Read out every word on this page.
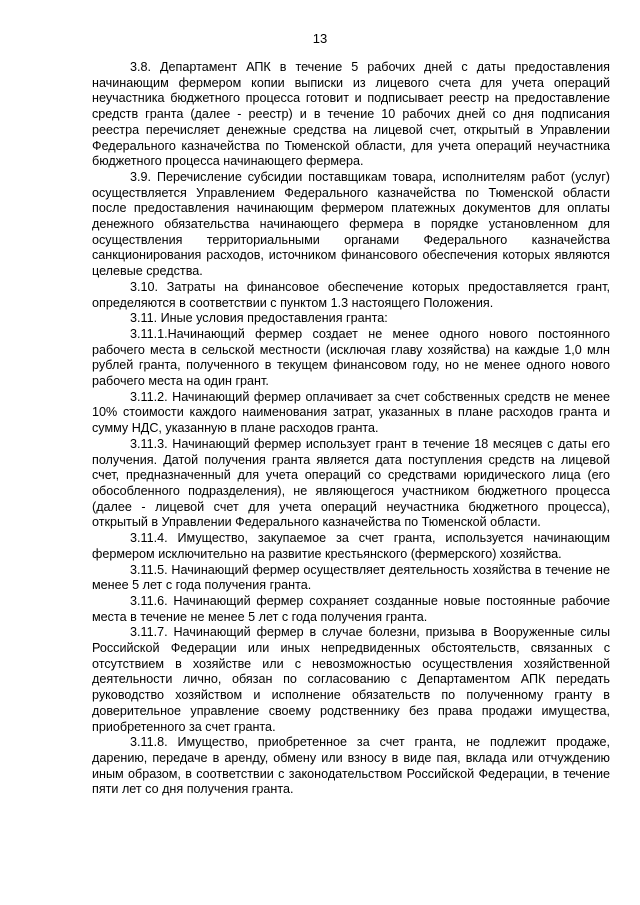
13

3.8. Департамент АПК в течение 5 рабочих дней с даты предоставления начинающим фермером копии выписки из лицевого счета для учета операций неучастника бюджетного процесса готовит и подписывает реестр на предоставление средств гранта (далее - реестр) и в течение 10 рабочих дней со дня подписания реестра перечисляет денежные средства на лицевой счет, открытый в Управлении Федерального казначейства по Тюменской области, для учета операций неучастника бюджетного процесса начинающего фермера.

3.9. Перечисление субсидии поставщикам товара, исполнителям работ (услуг) осуществляется Управлением Федерального казначейства по Тюменской области после предоставления начинающим фермером платежных документов для оплаты денежного обязательства начинающего фермера в порядке установленном для осуществления территориальными органами Федерального казначейства санкционирования расходов, источником финансового обеспечения которых являются целевые средства.

3.10. Затраты на финансовое обеспечение которых предоставляется грант, определяются в соответствии с пунктом 1.3 настоящего Положения.

3.11. Иные условия предоставления гранта:

3.11.1.Начинающий фермер создает не менее одного нового постоянного рабочего места в сельской местности (исключая главу хозяйства) на каждые 1,0 млн рублей гранта, полученного в текущем финансовом году, но не менее одного нового рабочего места на один грант.

3.11.2. Начинающий фермер оплачивает за счет собственных средств не менее 10% стоимости каждого наименования затрат, указанных в плане расходов гранта и сумму НДС, указанную в плане расходов гранта.

3.11.3. Начинающий фермер использует грант в течение 18 месяцев с даты его получения. Датой получения гранта является дата поступления средств на лицевой счет, предназначенный для учета операций со средствами юридического лица (его обособленного подразделения), не являющегося участником бюджетного процесса (далее - лицевой счет для учета операций неучастника бюджетного процесса), открытый в Управлении Федерального казначейства по Тюменской области.

3.11.4. Имущество, закупаемое за счет гранта, используется начинающим фермером исключительно на развитие крестьянского (фермерского) хозяйства.

3.11.5. Начинающий фермер осуществляет деятельность хозяйства в течение не менее 5 лет с года получения гранта.

3.11.6. Начинающий фермер сохраняет созданные новые постоянные рабочие места в течение не менее 5 лет с года получения гранта.

3.11.7. Начинающий фермер в случае болезни, призыва в Вооруженные силы Российской Федерации или иных непредвиденных обстоятельств, связанных с отсутствием в хозяйстве или с невозможностью осуществления хозяйственной деятельности лично, обязан по согласованию с Департаментом АПК передать руководство хозяйством и исполнение обязательств по полученному гранту в доверительное управление своему родственнику без права продажи имущества, приобретенного за счет гранта.

3.11.8. Имущество, приобретенное за счет гранта, не подлежит продаже, дарению, передаче в аренду, обмену или взносу в виде пая, вклада или отчуждению иным образом, в соответствии с законодательством Российской Федерации, в течение пяти лет со дня получения гранта.
